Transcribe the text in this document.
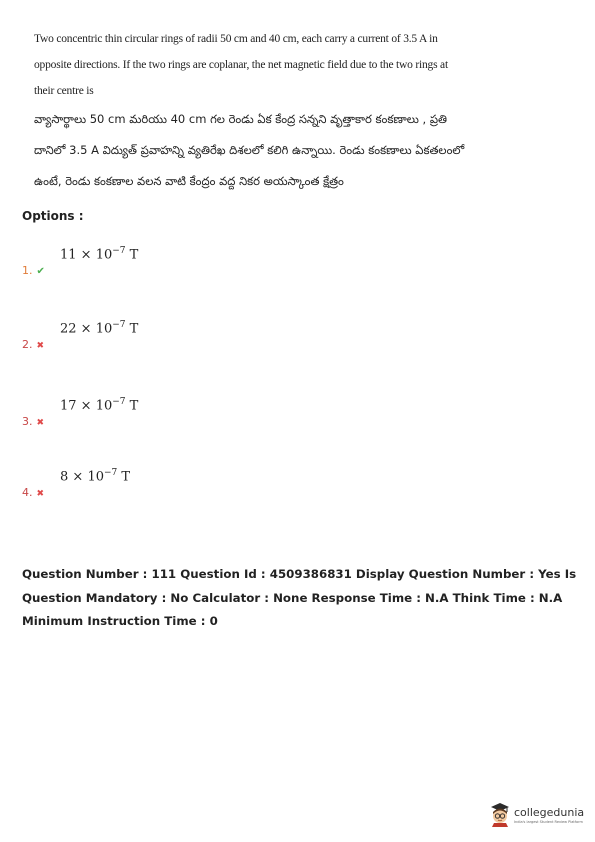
Two concentric thin circular rings of radii 50 cm and 40 cm, each carry a current of 3.5 A in opposite directions. If the two rings are coplanar, the net magnetic field due to the two rings at their centre is
వ్యాసార్థాలు 50 cm మరియు 40 cm గల రెండు ఏక కేంద్ర సన్నని వృత్తాకార కంకణాలు , ప్రతి దానిలో 3.5 A విద్యుత్ ప్రవాహన్ని వ్యతిరేఖ దిశలలో కలిగి ఉన్నాయి. రెండు కంకణాలు ఏకతలంలో ఉంటే, రెండు కంకణాల వలన వాటి కేంద్రం వద్ద నికర అయస్కాంత క్షేత్రం
Options :
1. ✔
$11 \times 10^{-7}$ T
2. ✖
$22 \times 10^{-7}$ T
3. ✖
$17 \times 10^{-7}$ T
4. ✖
$8 \times 10^{-7}$ T
Question Number : 111 Question Id : 4509386831 Display Question Number : Yes Is Question Mandatory : No Calculator : None Response Time : N.A Think Time : N.A Minimum Instruction Time : 0
collegedunia
India's largest Student Review Platform
